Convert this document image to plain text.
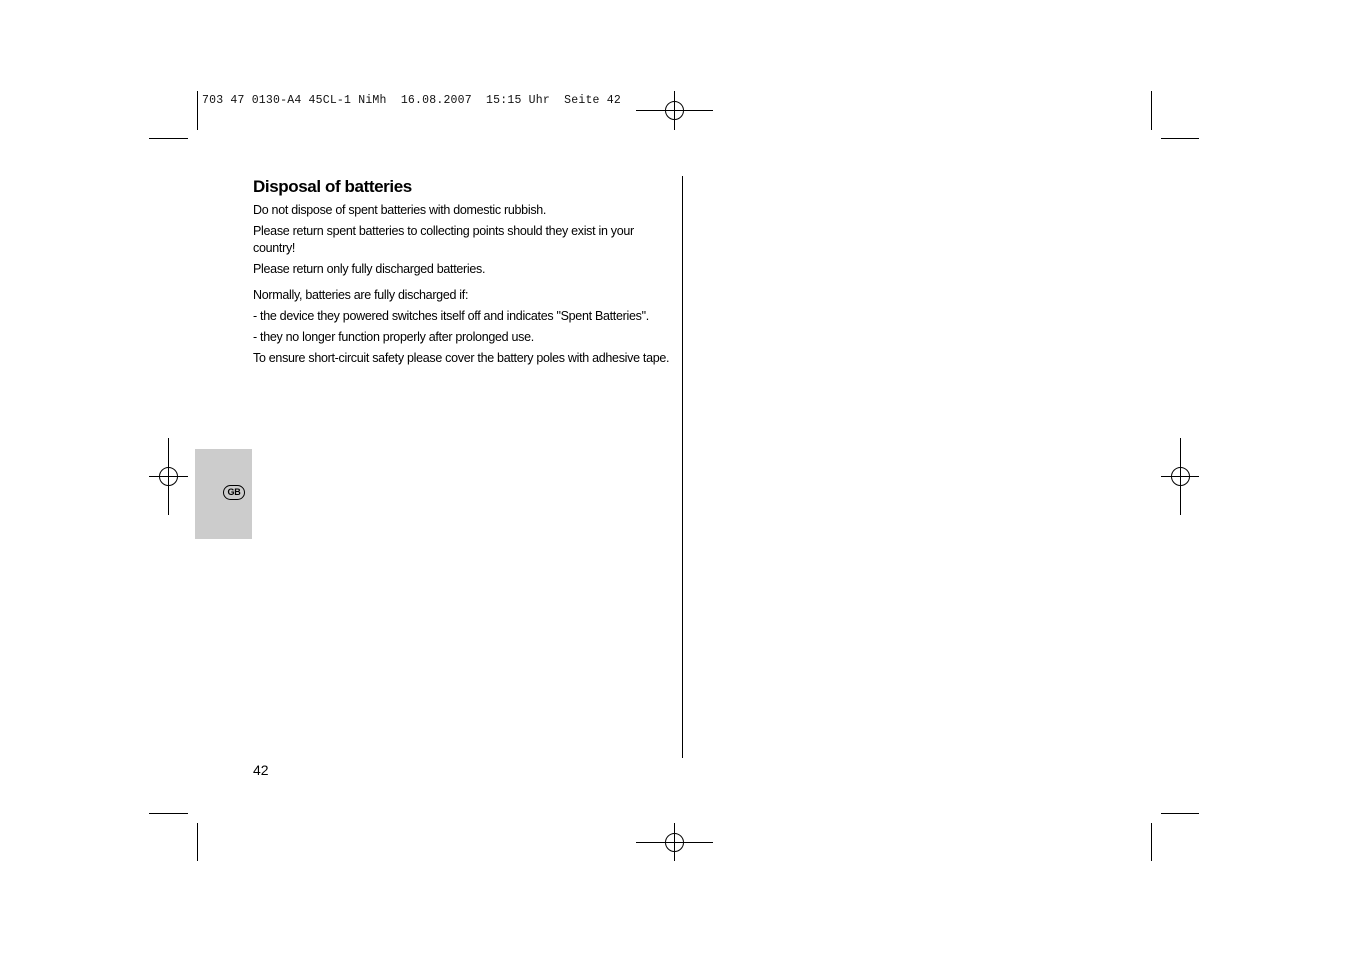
703 47 0130-A4 45CL-1 NiMh  16.08.2007  15:15 Uhr  Seite 42
Disposal of batteries

Do not dispose of spent batteries with domestic rubbish.

Please return spent batteries to collecting points should they exist in your country!

Please return only fully discharged batteries.

Normally, batteries are fully discharged if:

- the device they powered switches itself off and indicates "Spent Batteries".

- they no longer function properly after prolonged use.

To ensure short-circuit safety please cover the battery poles with adhesive tape.

GB
42
